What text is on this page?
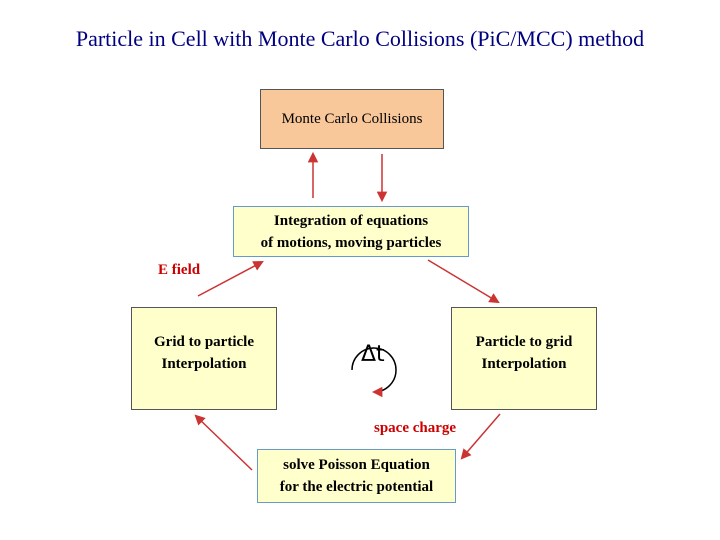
Particle in Cell with Monte Carlo Collisions (PiC/MCC) method
Monte Carlo Collisions
Integration of equations
of motions, moving particles
Grid to particle
Interpolation
Particle to grid
Interpolation
solve Poisson Equation
for the electric potential
E field
space charge
Δt
